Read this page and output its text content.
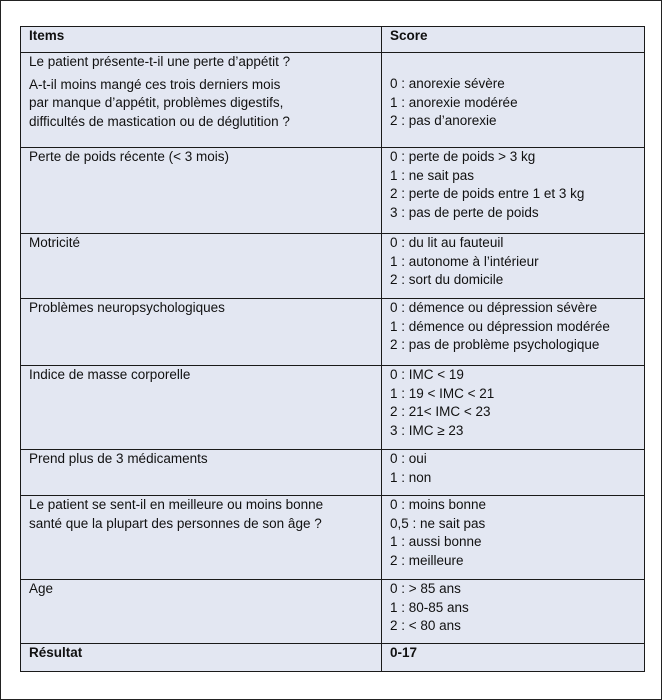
Items	Score

Le patient présente-t-il une perte d’appétit ?
A-t-il moins mangé ces trois derniers mois
par manque d’appétit, problèmes digestifs,
difficultés de mastication ou de déglutition ?	0 : anorexie sévère
1 : anorexie modérée
2 : pas d’anorexie

Perte de poids récente (< 3 mois)	0 : perte de poids > 3 kg
1 : ne sait pas
2 : perte de poids entre 1 et 3 kg
3 : pas de perte de poids

Motricité	0 : du lit au fauteuil
1 : autonome à l’intérieur
2 : sort du domicile

Problèmes neuropsychologiques	0 : démence ou dépression sévère
1 : démence ou dépression modérée
2 : pas de problème psychologique

Indice de masse corporelle	0 : IMC < 19
1 : 19 < IMC < 21
2 : 21< IMC < 23
3 : IMC ≥ 23

Prend plus de 3 médicaments	0 : oui
1 : non

Le patient se sent-il en meilleure ou moins bonne
santé que la plupart des personnes de son âge ?	0 : moins bonne
0,5 : ne sait pas
1 : aussi bonne
2 : meilleure

Age	0 : > 85 ans
1 : 80-85 ans
2 : < 80 ans

Résultat	0-17
